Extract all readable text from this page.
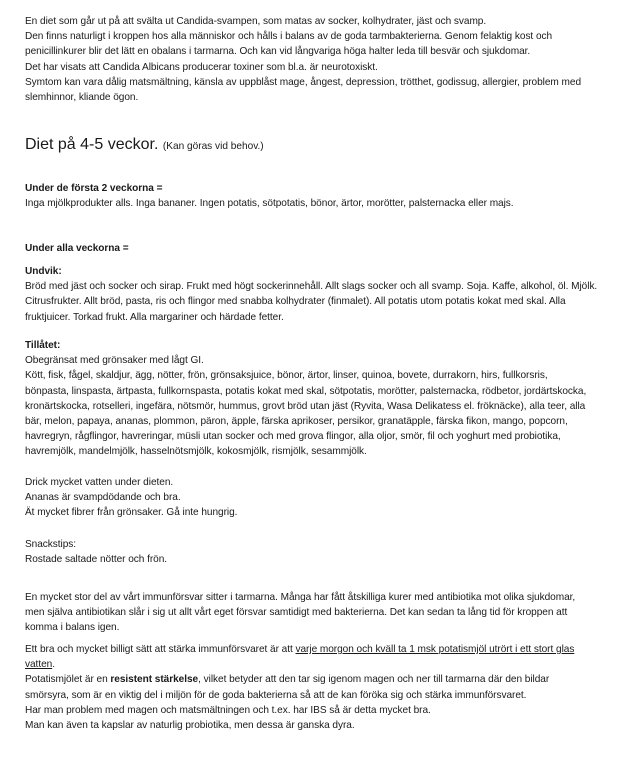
En diet som går ut på att svälta ut Candida-svampen, som matas av socker, kolhydrater, jäst och svamp.
Den finns naturligt i kroppen hos alla människor och hålls i balans av de goda tarmbakterierna. Genom felaktig kost och
penicillinkurer blir det lätt en obalans i tarmarna. Och kan vid långvariga höga halter leda till besvär och sjukdomar.
Det har visats att Candida Albicans producerar toxiner som bl.a. är neurotoxiskt.
Symtom kan vara dålig matsmältning, känsla av uppblåst mage, ångest, depression, trötthet, godissug, allergier, problem med
slemhinnor, kliande ögon.
Diet på 4-5 veckor. (Kan göras vid behov.)
Under de första 2 veckorna =
Inga mjölkprodukter alls. Inga bananer. Ingen potatis, sötpotatis, bönor, ärtor, morötter, palsternacka eller majs.
Under alla veckorna =
Undvik:
Bröd med jäst och socker och sirap. Frukt med högt sockerinnehåll. Allt slags socker och all svamp. Soja. Kaffe, alkohol, öl. Mjölk.
Citrusfrukter. Allt bröd, pasta, ris och flingor med snabba kolhydrater (finmalet). All potatis utom potatis kokat med skal. Alla
fruktjuicer. Torkad frukt. Alla margariner och härdade fetter.
Tillåtet:
Obegränsat med grönsaker med lågt GI.
Kött, fisk, fågel, skaldjur, ägg, nötter, frön, grönsaksjuice, bönor, ärtor, linser, quinoa, bovete, durrakorn, hirs, fullkorsris,
bönpasta, linspasta, ärtpasta, fullkornspasta, potatis kokat med skal, sötpotatis, morötter, palsternacka, rödbetor, jordärtskocka,
kronärtskocka, rotselleri, ingefära, nötsmör, hummus, grovt bröd utan jäst (Ryvita, Wasa Delikatess el. fröknäcke), alla teer, alla
bär, melon, papaya, ananas, plommon, päron, äpple, färska aprikoser, persikor, granatäpple, färska fikon, mango, popcorn,
havregryn, rågflingor, havreringar, müsli utan socker och med grova flingor, alla oljor, smör, fil och yoghurt med probiotika,
havremjölk, mandelmjölk, hasselnötsmjölk, kokosmjölk, rismjölk, sesammjölk.
Drick mycket vatten under dieten.
Ananas är svampdödande och bra.
Ät mycket fibrer från grönsaker. Gå inte hungrig.
Snackstips:
Rostade saltade nötter och frön.
En mycket stor del av vårt immunförsvar sitter i tarmarna. Många har fått åtskilliga kurer med antibiotika mot olika sjukdomar,
men själva antibiotikan slår i sig ut allt vårt eget försvar samtidigt med bakterierna. Det kan sedan ta lång tid för kroppen att
komma i balans igen.
Ett bra och mycket billigt sätt att stärka immunförsvaret är att varje morgon och kväll ta 1 msk potatismjöl utrört i ett stort glas
vatten.
Potatismjölet är en resistent stärkelse, vilket betyder att den tar sig igenom magen och ner till tarmarna där den bildar
smörsyra, som är en viktig del i miljön för de goda bakterierna så att de kan föröka sig och stärka immunförsvaret.
Har man problem med magen och matsmältningen och t.ex. har IBS så är detta mycket bra.
Man kan även ta kapslar av naturlig probiotika, men dessa är ganska dyra.
